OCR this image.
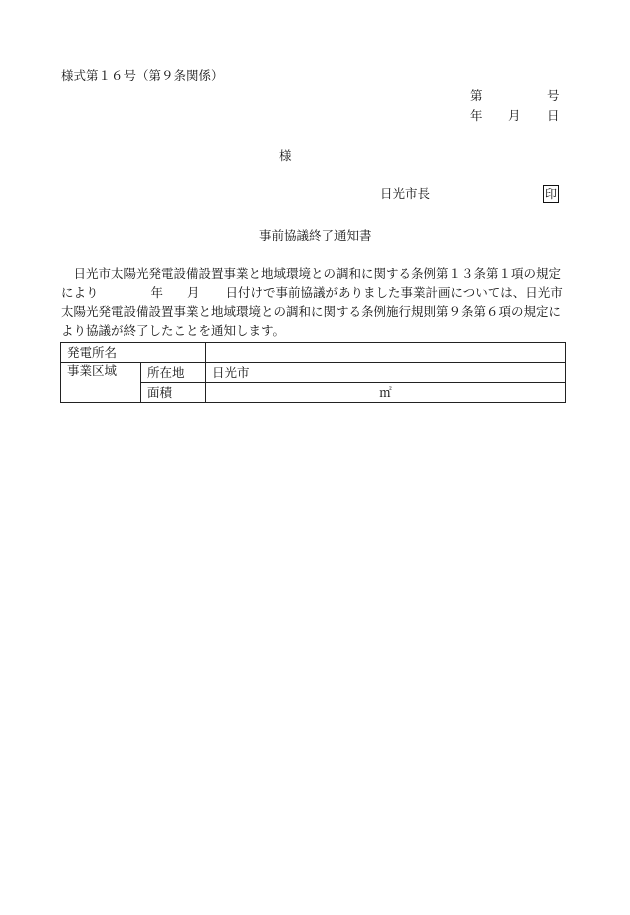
様式第１６号（第９条関係）
第	号
年 月 日
様
日光市長	印
事前協議終了通知書
　日光市太陽光発電設備設置事業と地域環境との調和に関する条例第１３条第１項の規定
により	年 月 日付けで事前協議がありました事業計画については、日光市
太陽光発電設備設置事業と地域環境との調和に関する条例施行規則第９条第６項の規定に
より協議が終了したことを通知します。
発電所名		
事業区域	所在地	日光市
	面積	㎡
